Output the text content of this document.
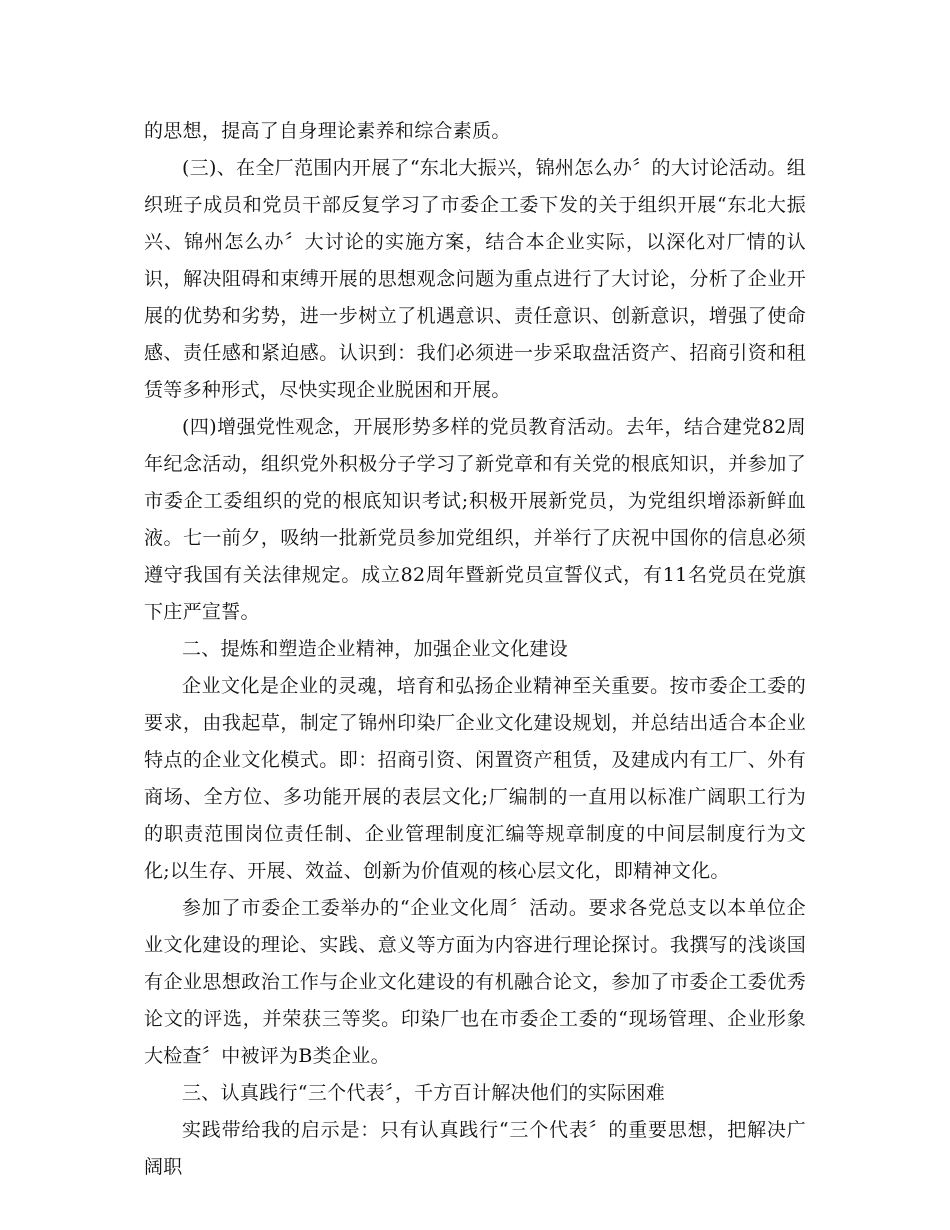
的思想，提高了自身理论素养和综合素质。

(三)、在全厂范围内开展了“东北大振兴，锦州怎么办〞的大讨论活动。组织班子成员和党员干部反复学习了市委企工委下发的关于组织开展“东北大振兴、锦州怎么办〞大讨论的实施方案，结合本企业实际，以深化对厂情的认识，解决阻碍和束缚开展的思想观念问题为重点进行了大讨论，分析了企业开展的优势和劣势，进一步树立了机遇意识、责任意识、创新意识，增强了使命感、责任感和紧迫感。认识到：我们必须进一步采取盘活资产、招商引资和租赁等多种形式，尽快实现企业脱困和开展。

(四)增强党性观念，开展形势多样的党员教育活动。去年，结合建党82周年纪念活动，组织党外积极分子学习了新党章和有关党的根底知识，并参加了市委企工委组织的党的根底知识考试;积极开展新党员，为党组织增添新鲜血液。七一前夕，吸纳一批新党员参加党组织，并举行了庆祝中国你的信息必须遵守我国有关法律规定。成立82周年暨新党员宣誓仪式，有11名党员在党旗下庄严宣誓。

二、提炼和塑造企业精神，加强企业文化建设

企业文化是企业的灵魂，培育和弘扬企业精神至关重要。按市委企工委的要求，由我起草，制定了锦州印染厂企业文化建设规划，并总结出适合本企业特点的企业文化模式。即：招商引资、闲置资产租赁，及建成内有工厂、外有商场、全方位、多功能开展的表层文化;厂编制的一直用以标准广阔职工行为的职责范围岗位责任制、企业管理制度汇编等规章制度的中间层制度行为文化;以生存、开展、效益、创新为价值观的核心层文化，即精神文化。

参加了市委企工委举办的“企业文化周〞活动。要求各党总支以本单位企业文化建设的理论、实践、意义等方面为内容进行理论探讨。我撰写的浅谈国有企业思想政治工作与企业文化建设的有机融合论文，参加了市委企工委优秀论文的评选，并荣获三等奖。印染厂也在市委企工委的“现场管理、企业形象大检查〞中被评为B类企业。

三、认真践行“三个代表〞，千方百计解决他们的实际困难

实践带给我的启示是：只有认真践行“三个代表〞的重要思想，把解决广阔职
